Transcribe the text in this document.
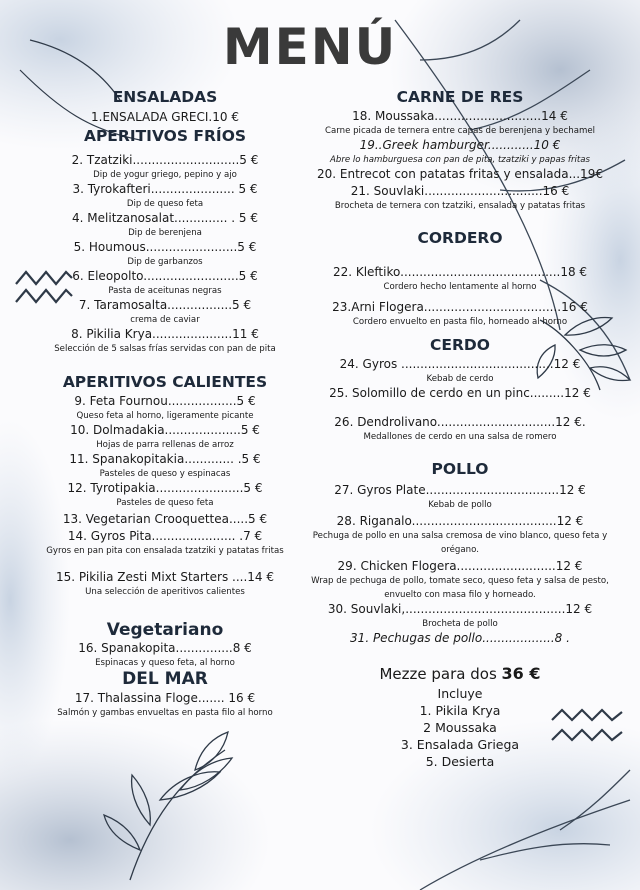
MENÚ
ENSALADAS
1.ENSALADA GRECI.10 €
APERITIVOS FRÍOS
2. Tzatziki............................5 €
Dip de yogur griego, pepino y ajo
3. Tyrokafteri...................... 5 €
Dip de queso feta
4. Melitzanosalat.............. . 5 €
Dip de berenjena
5. Houmous........................5 €
Dip de garbanzos
6. Eleopolto.........................5 €
Pasta de aceitunas negras
7. Taramosalta.................5 €
crema de caviar
8. Pikilia Krya.....................11 €
Selección de 5 salsas frías servidas con pan de pita
APERITIVOS CALIENTES
9. Feta Fournou..................5 €
Queso feta al horno, ligeramente picante
10. Dolmadakia....................5 €
Hojas de parra rellenas de arroz
11. Spanakopitakia............. .5 €
Pasteles de queso y espinacas
12. Tyrotipakia.......................5 €
Pasteles de queso feta
13. Vegetarian Crooquettea.....5 €
14. Gyros Pita...................... .7 €
Gyros en pan pita con ensalada tzatziki y patatas fritas
15. Pikilia Zesti Mixt Starters ....14 €
Una selección de aperitivos calientes
Vegetariano
16. Spanakopita...............8 €
Espinacas y queso feta, al horno
DEL MAR
17. Thalassina Floge....... 16 €
Salmón y gambas envueltas en pasta filo al horno
CARNE DE RES
18. Moussaka............................14 €
Carne picada de ternera entre capas de berenjena y bechamel
19..Greek hamburger............10 €
Abre lo hamburguesa con pan de pita, tzatziki y papas fritas
20. Entrecot con patatas fritas y ensalada...19€
21. Souvlaki...............................16 €
Brocheta de ternera con tzatziki, ensalada y patatas fritas
CORDERO
22. Kleftiko..........................................18 €
Cordero hecho lentamente al horno
23.Arni Flogera....................................16 €
Cordero envuelto en pasta filo, horneado al horno
CERDO
24. Gyros ........................................12 €
Kebab de cerdo
25. Solomillo de cerdo en un pinc.........12 €
26. Dendrolivano...............................12 €.
Medallones de cerdo en una salsa de romero
POLLO
27. Gyros Plate...................................12 €
Kebab de pollo
28. Riganalo......................................12 €
Pechuga de pollo en una salsa cremosa de vino blanco, queso feta y
orégano.
29. Chicken Flogera..........................12 €
Wrap de pechuga de pollo, tomate seco, queso feta y salsa de pesto,
envuelto con masa filo y horneado.
30. Souvlaki,..........................................12 €
Brocheta de pollo
31. Pechugas de pollo...................8 .
Mezze para dos 36 €
Incluye
1. Pikila Krya
2 Moussaka
3. Ensalada Griega
5. Desierta
